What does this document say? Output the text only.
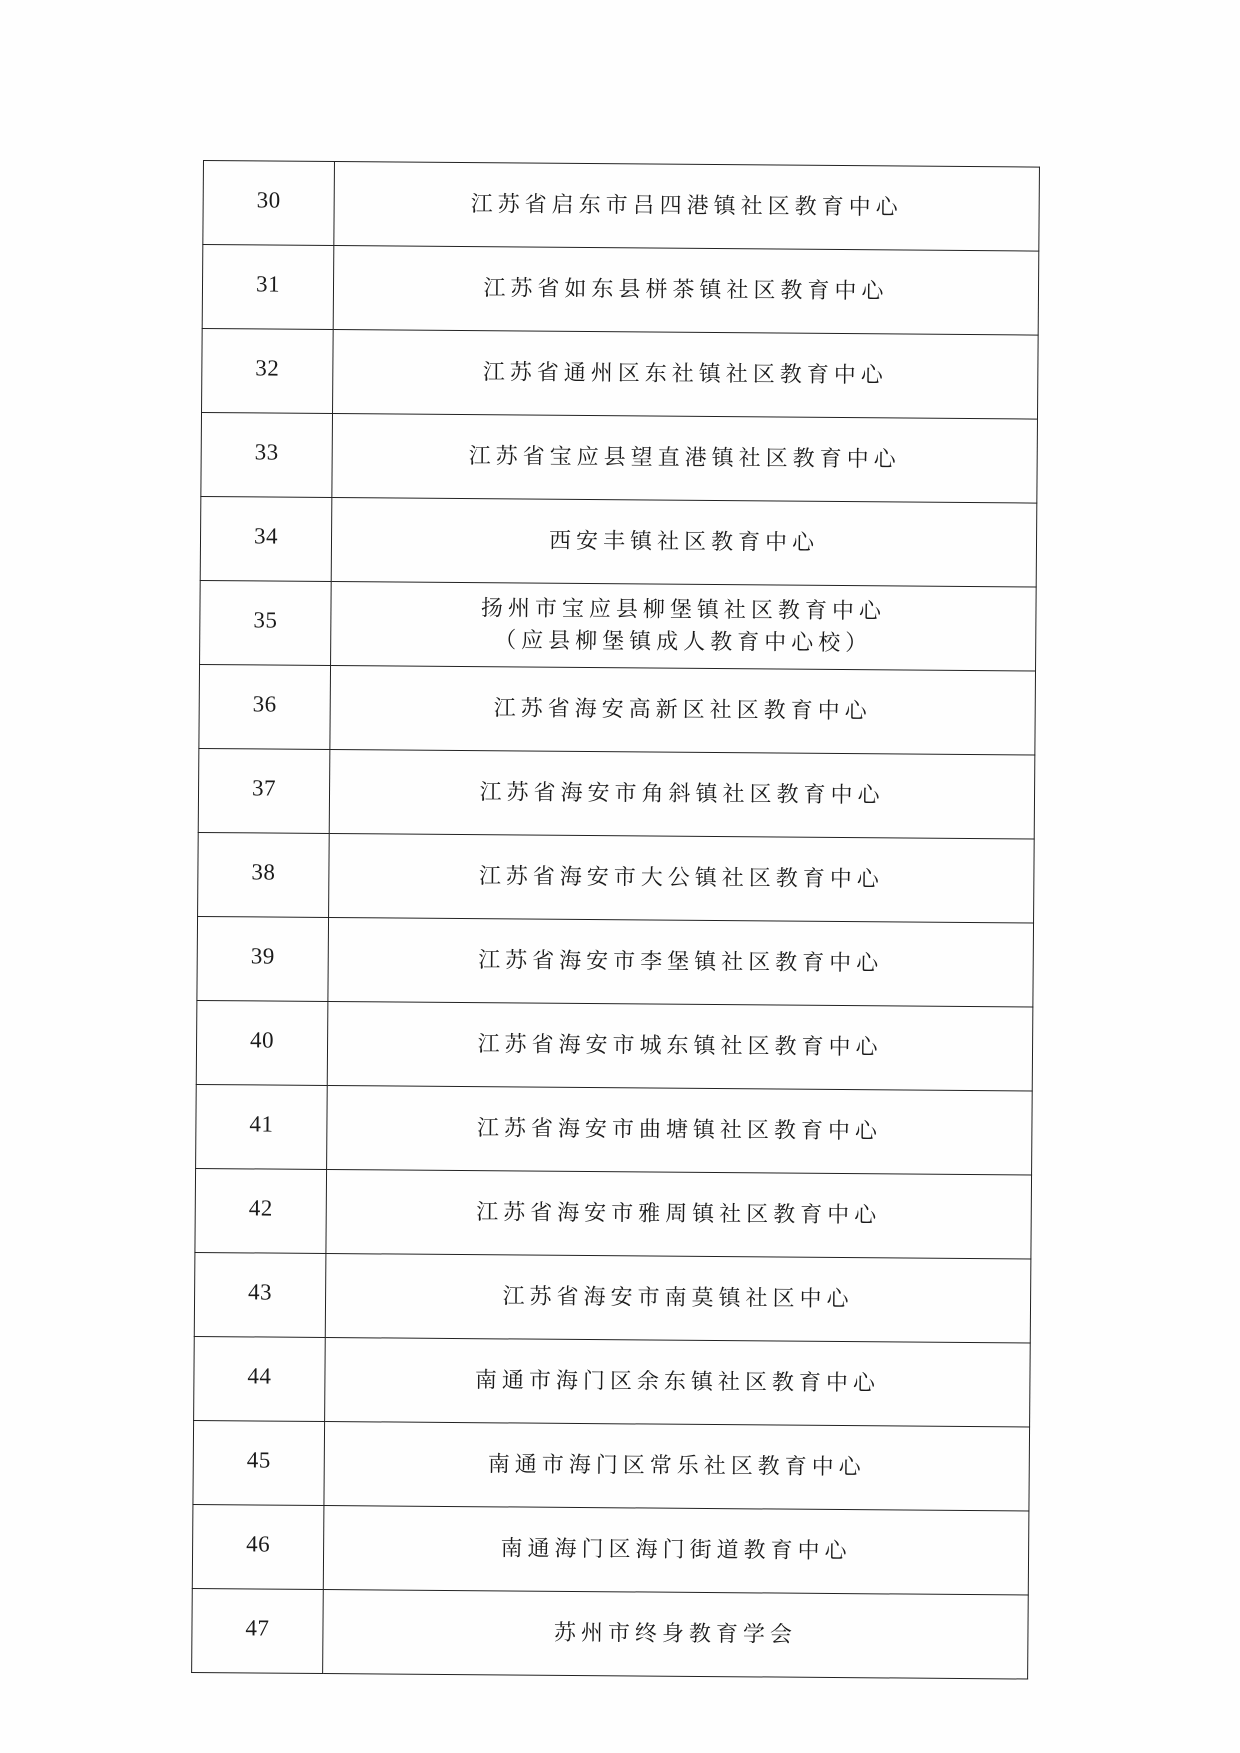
30	江苏省启东市吕四港镇社区教育中心

31	江苏省如东县栟茶镇社区教育中心

32	江苏省通州区东社镇社区教育中心

33	江苏省宝应县望直港镇社区教育中心

34	西安丰镇社区教育中心

35	扬州市宝应县柳堡镇社区教育中心
（应县柳堡镇成人教育中心校）

36	江苏省海安高新区社区教育中心

37	江苏省海安市角斜镇社区教育中心

38	江苏省海安市大公镇社区教育中心

39	江苏省海安市李堡镇社区教育中心

40	江苏省海安市城东镇社区教育中心

41	江苏省海安市曲塘镇社区教育中心

42	江苏省海安市雅周镇社区教育中心

43	江苏省海安市南莫镇社区中心

44	南通市海门区余东镇社区教育中心

45	南通市海门区常乐社区教育中心

46	南通海门区海门街道教育中心

47	苏州市终身教育学会
